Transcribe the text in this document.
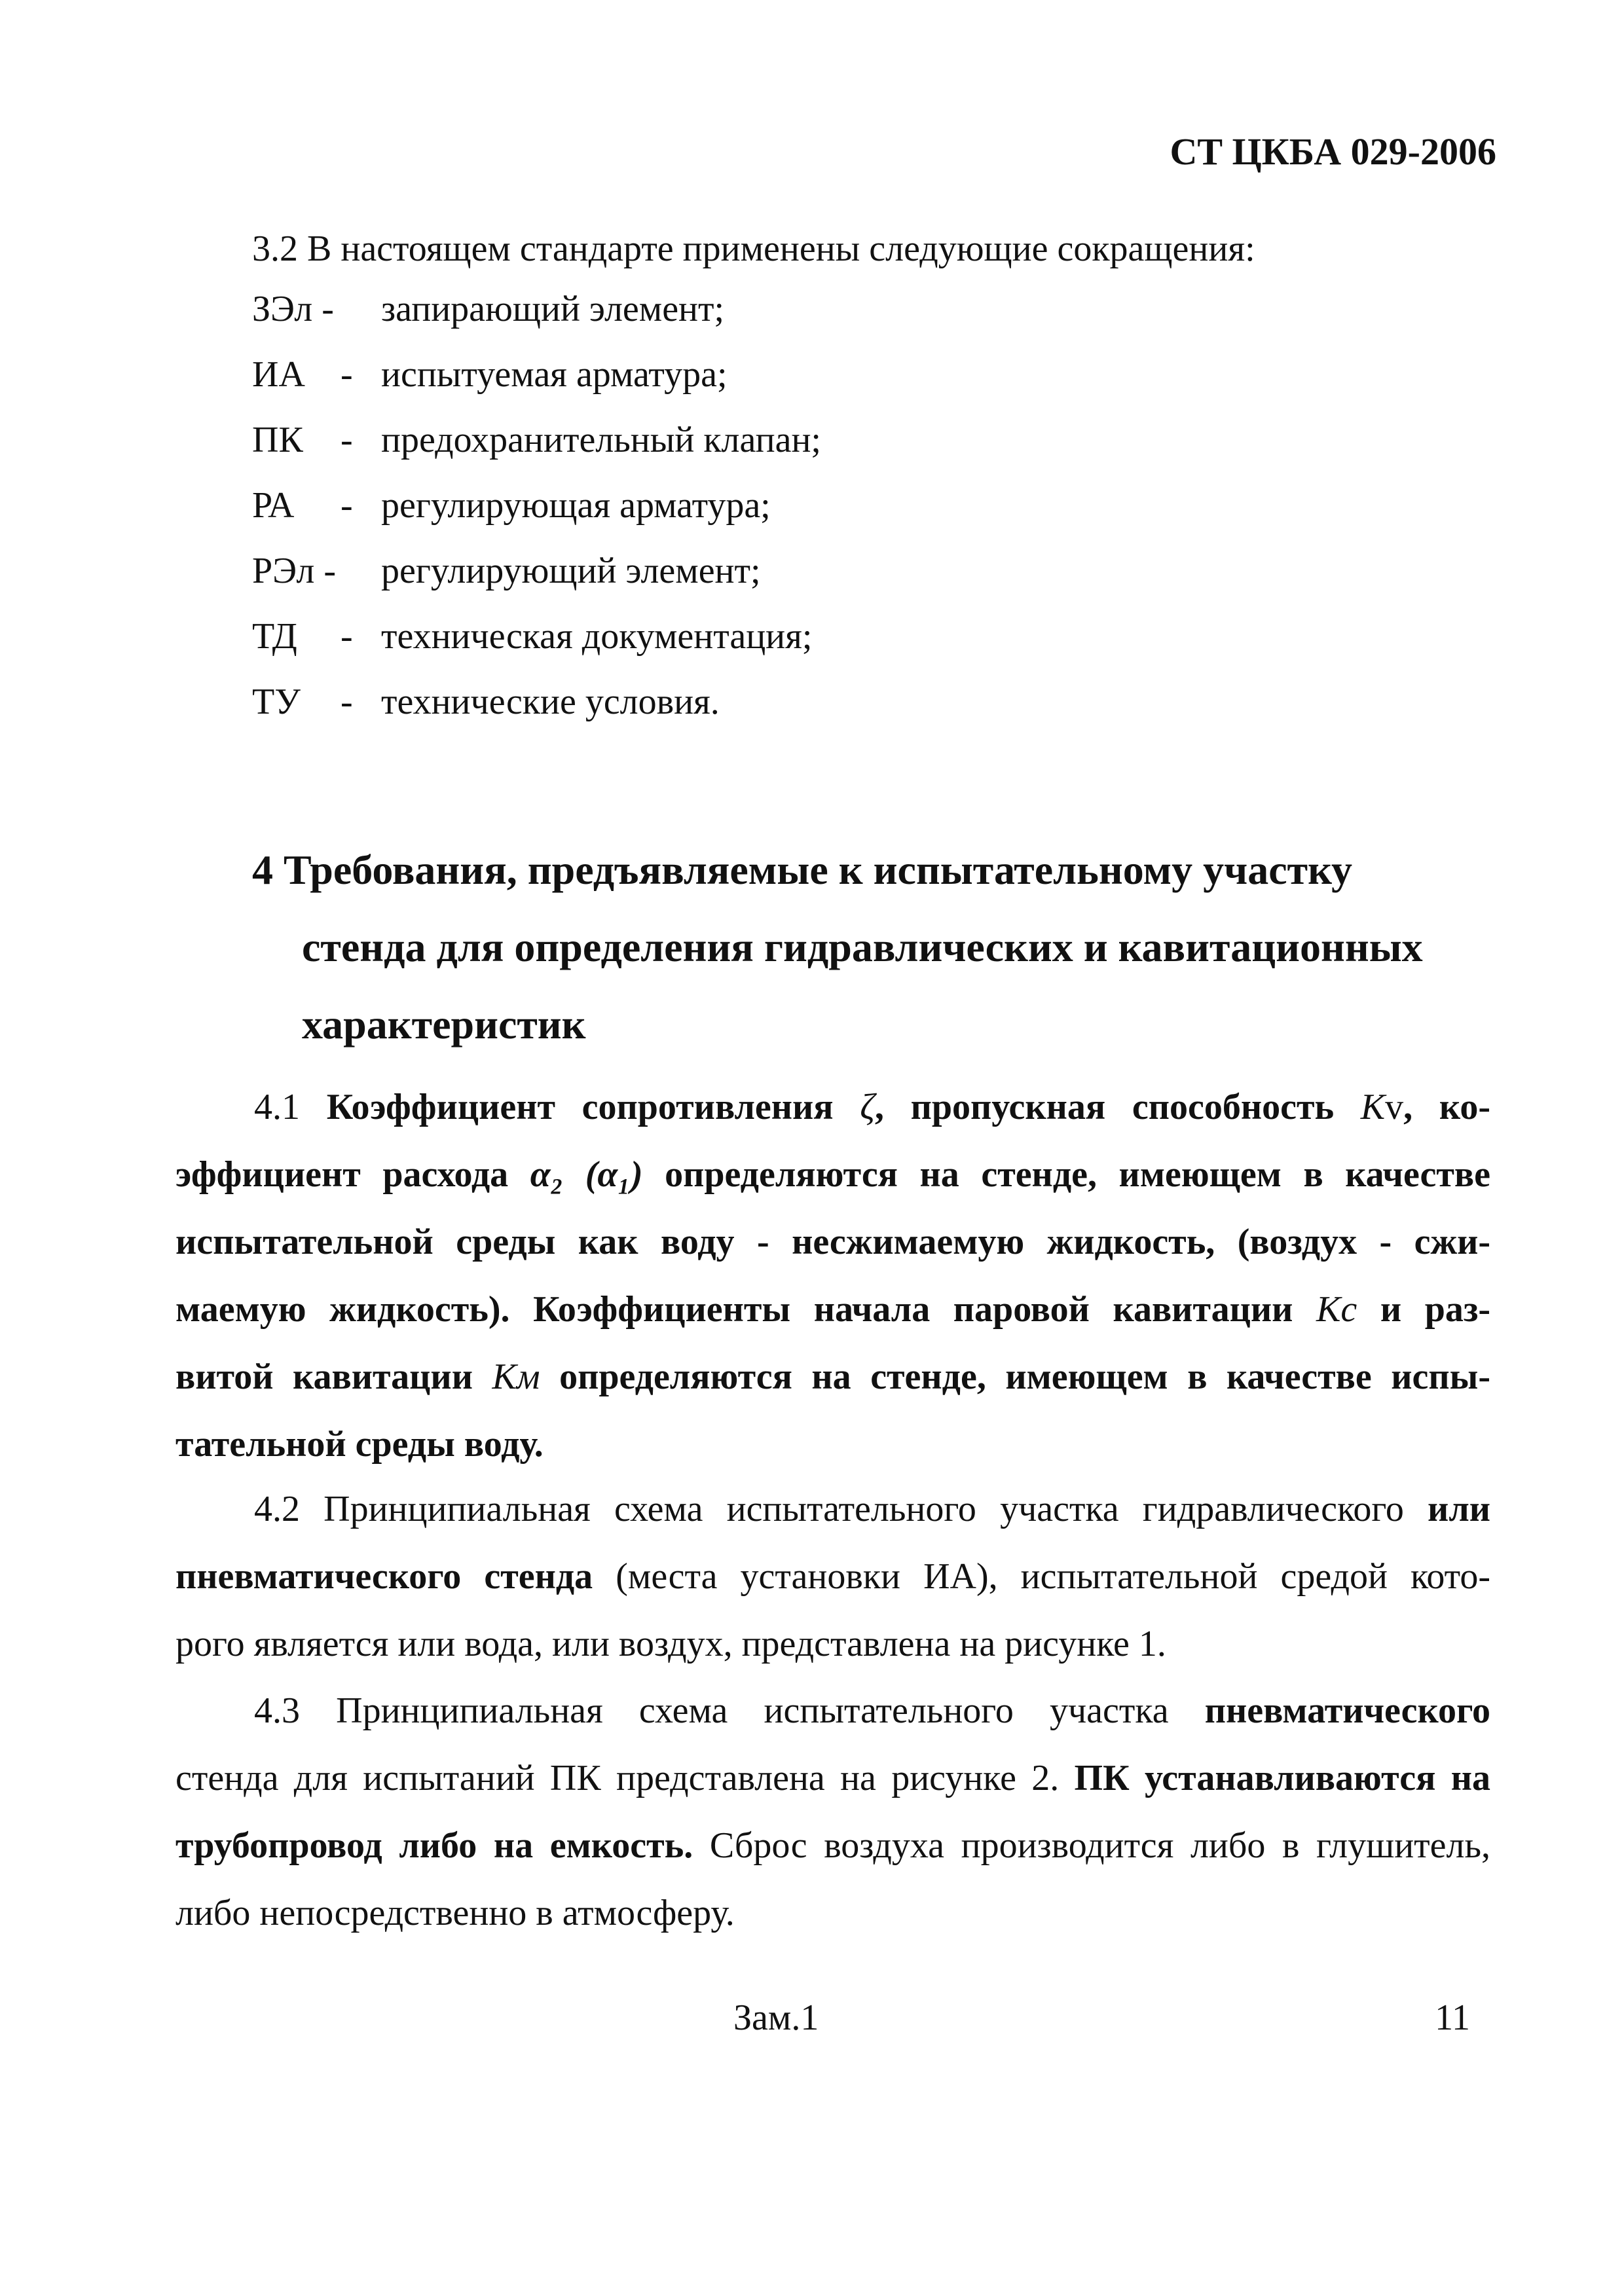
СТ ЦКБА 029-2006

3.2 В настоящем стандарте применены следующие сокращения:

ЗЭл - запирающий элемент;
ИА - испытуемая арматура;
ПК	- предохранительный клапан;
РА	- регулирующая арматура;
РЭл - регулирующий элемент;
ТД	- техническая документация;
ТУ	- технические условия.
4 Требования, предъявляемые к испытательному участку
стенда для определения гидравлических и кавитационных
характеристик
4.1 Коэффициент сопротивления ζ, пропускная способность Kv, ко-
эффициент расхода α₂ (α₁) определяются на стенде, имеющем в качестве
испытательной среды как воду - несжимаемую жидкость, (воздух - сжи-
маемую жидкость). Коэффициенты начала паровой кавитации Kс и раз-
витой кавитации Kм определяются на стенде, имеющем в качестве испы-
тательной среды воду.
4.2 Принципиальная схема испытательного участка гидравлического или
пневматического стенда (места установки ИА), испытательной средой кото-
рого является или вода, или воздух, представлена на рисунке 1.
4.3 Принципиальная схема испытательного участка пневматического
стенда для испытаний ПК представлена на рисунке 2. ПК устанавливаются на
трубопровод либо на емкость. Сброс воздуха производится либо в глушитель,
либо непосредственно в атмосферу.
Зам.1	11
